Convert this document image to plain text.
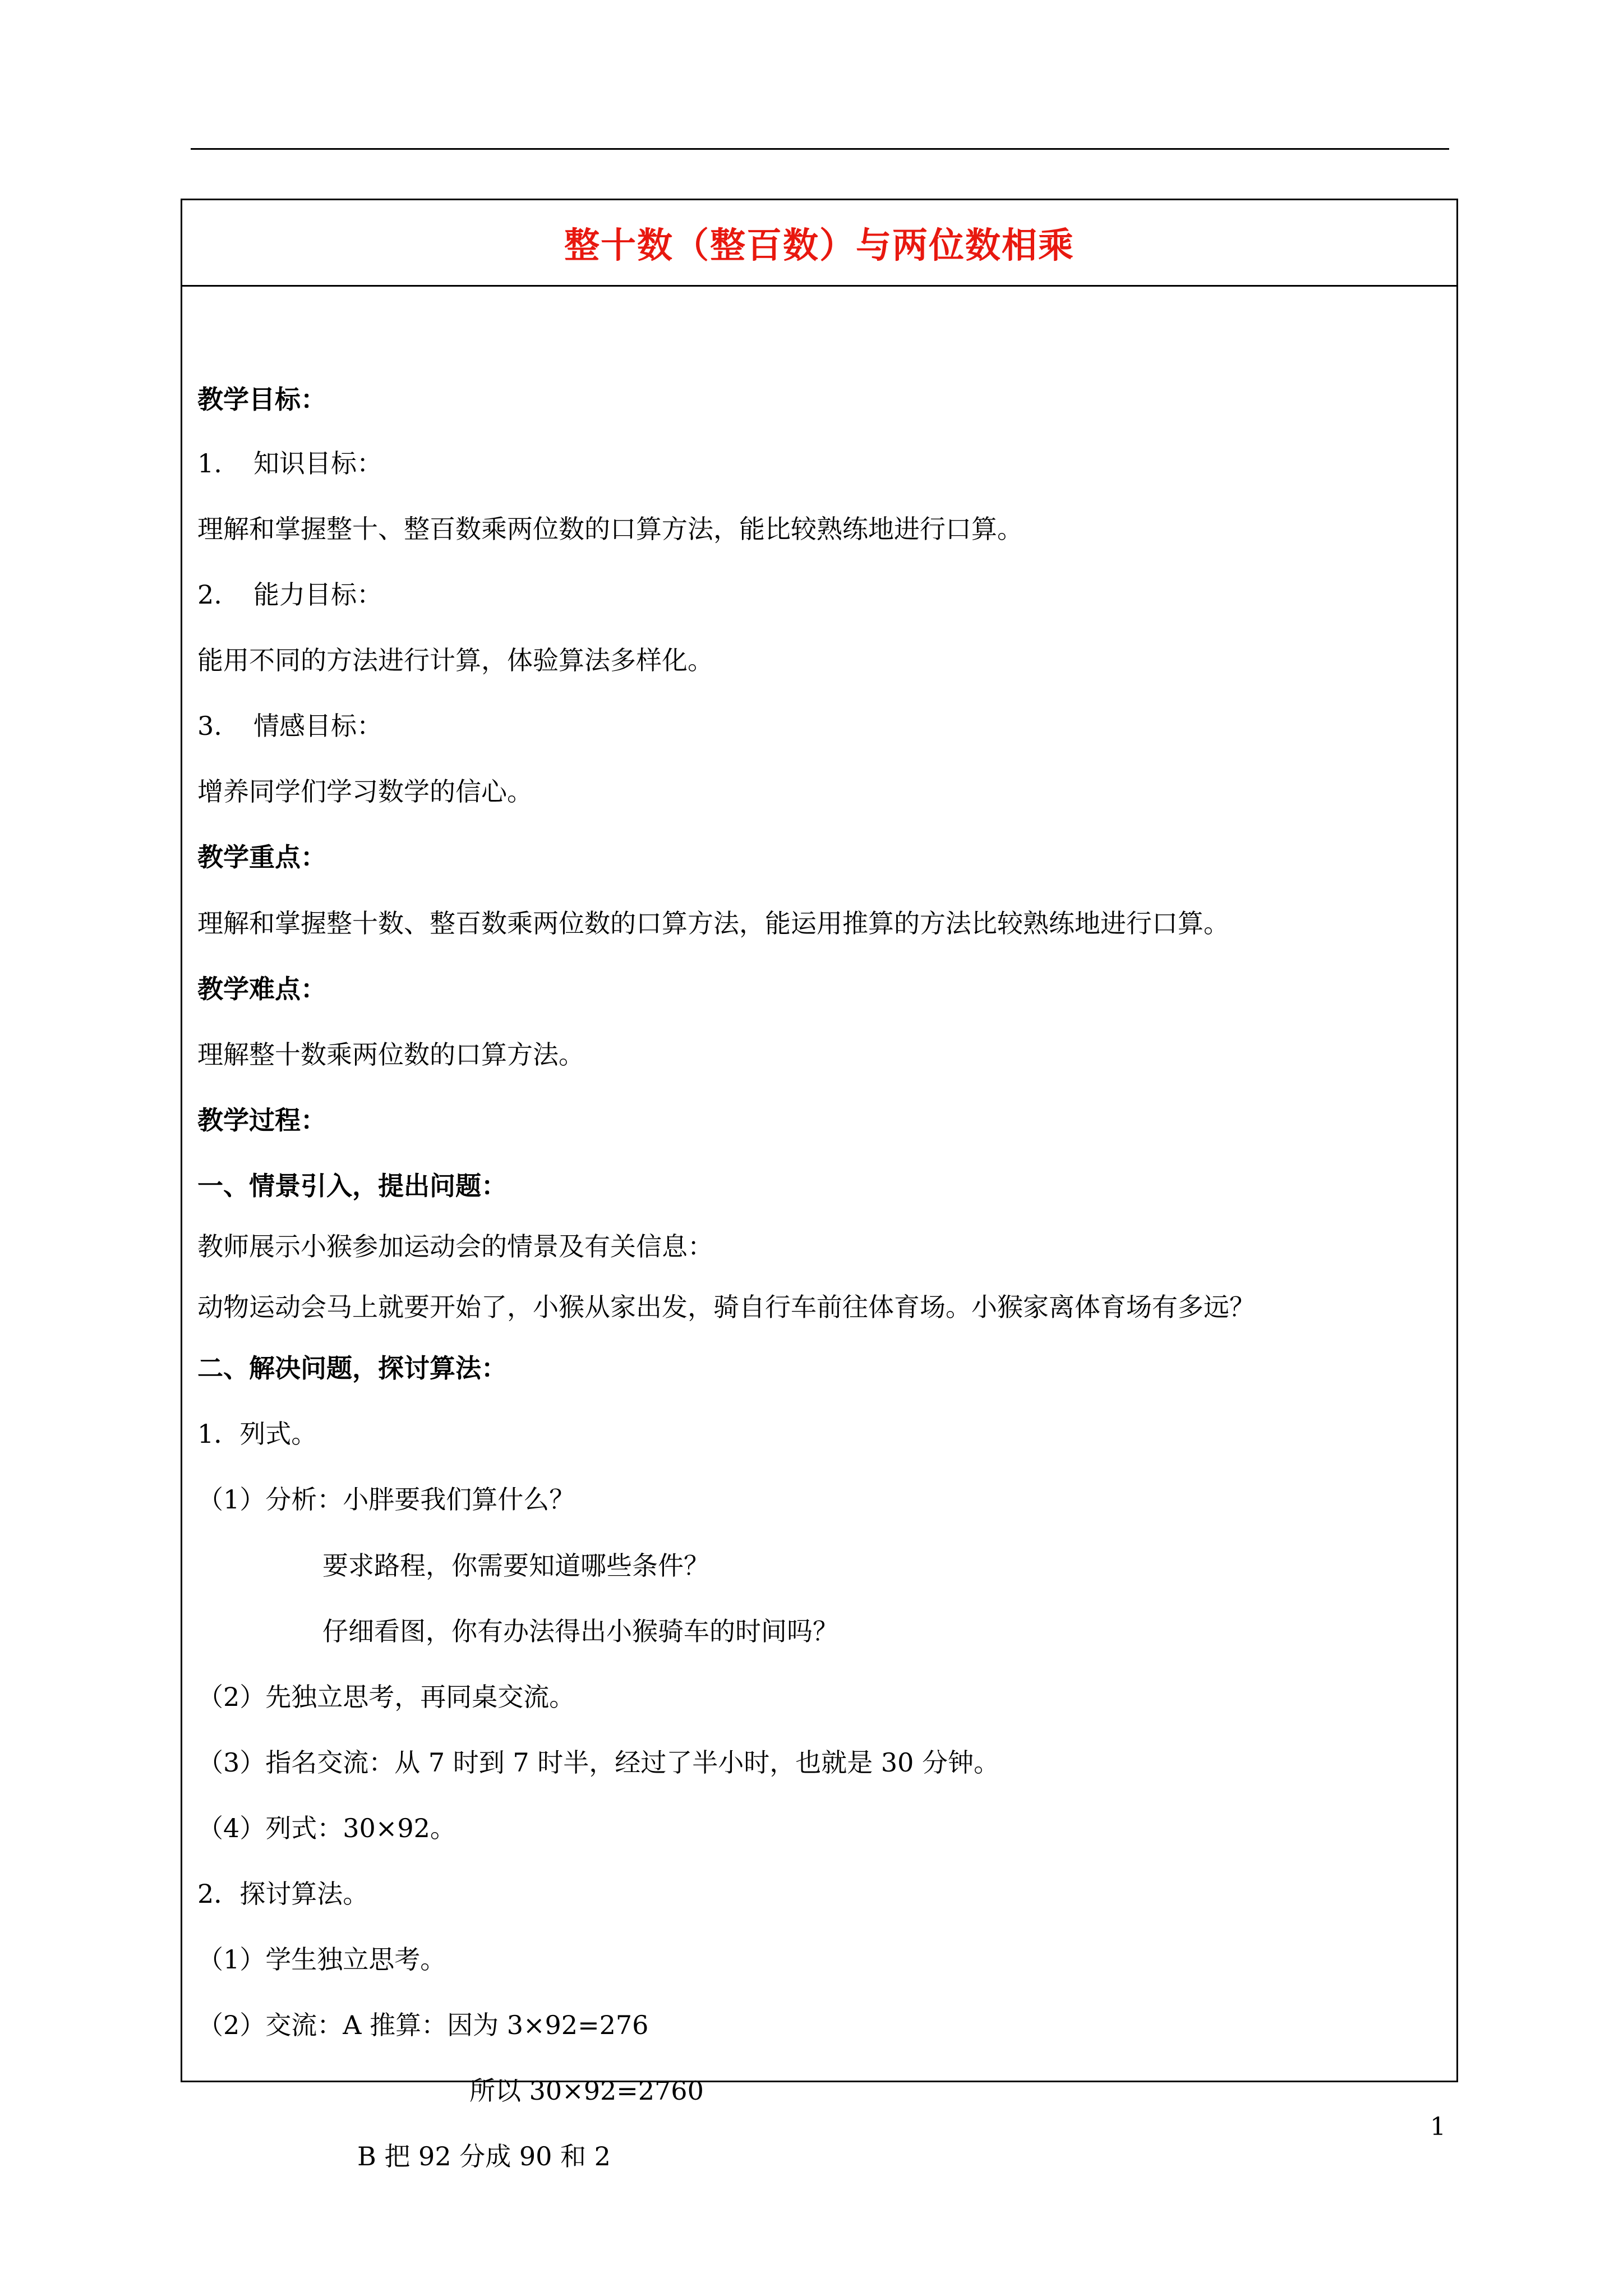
整十数（整百数）与两位数相乘
教学目标：
1. 知识目标：
理解和掌握整十、整百数乘两位数的口算方法，能比较熟练地进行口算。
2. 能力目标：
能用不同的方法进行计算，体验算法多样化。
3. 情感目标：
增养同学们学习数学的信心。
教学重点：
理解和掌握整十数、整百数乘两位数的口算方法，能运用推算的方法比较熟练地进行口算。
教学难点：
理解整十数乘两位数的口算方法。
教学过程：
一、情景引入，提出问题：
教师展示小猴参加运动会的情景及有关信息：
动物运动会马上就要开始了，小猴从家出发，骑自行车前往体育场。小猴家离体育场有多远？
二、解决问题，探讨算法：
1．列式。
（1）分析：小胖要我们算什么？
要求路程，你需要知道哪些条件？
仔细看图，你有办法得出小猴骑车的时间吗？
（2）先独立思考，再同桌交流。
（3）指名交流：从 7 时到 7 时半，经过了半小时，也就是 30 分钟。
（4）列式：30×92。
2．探讨算法。
（1）学生独立思考。
（2）交流：A 推算：因为 3×92=276
所以 30×92=2760
B 把 92 分成 90 和 2
1
